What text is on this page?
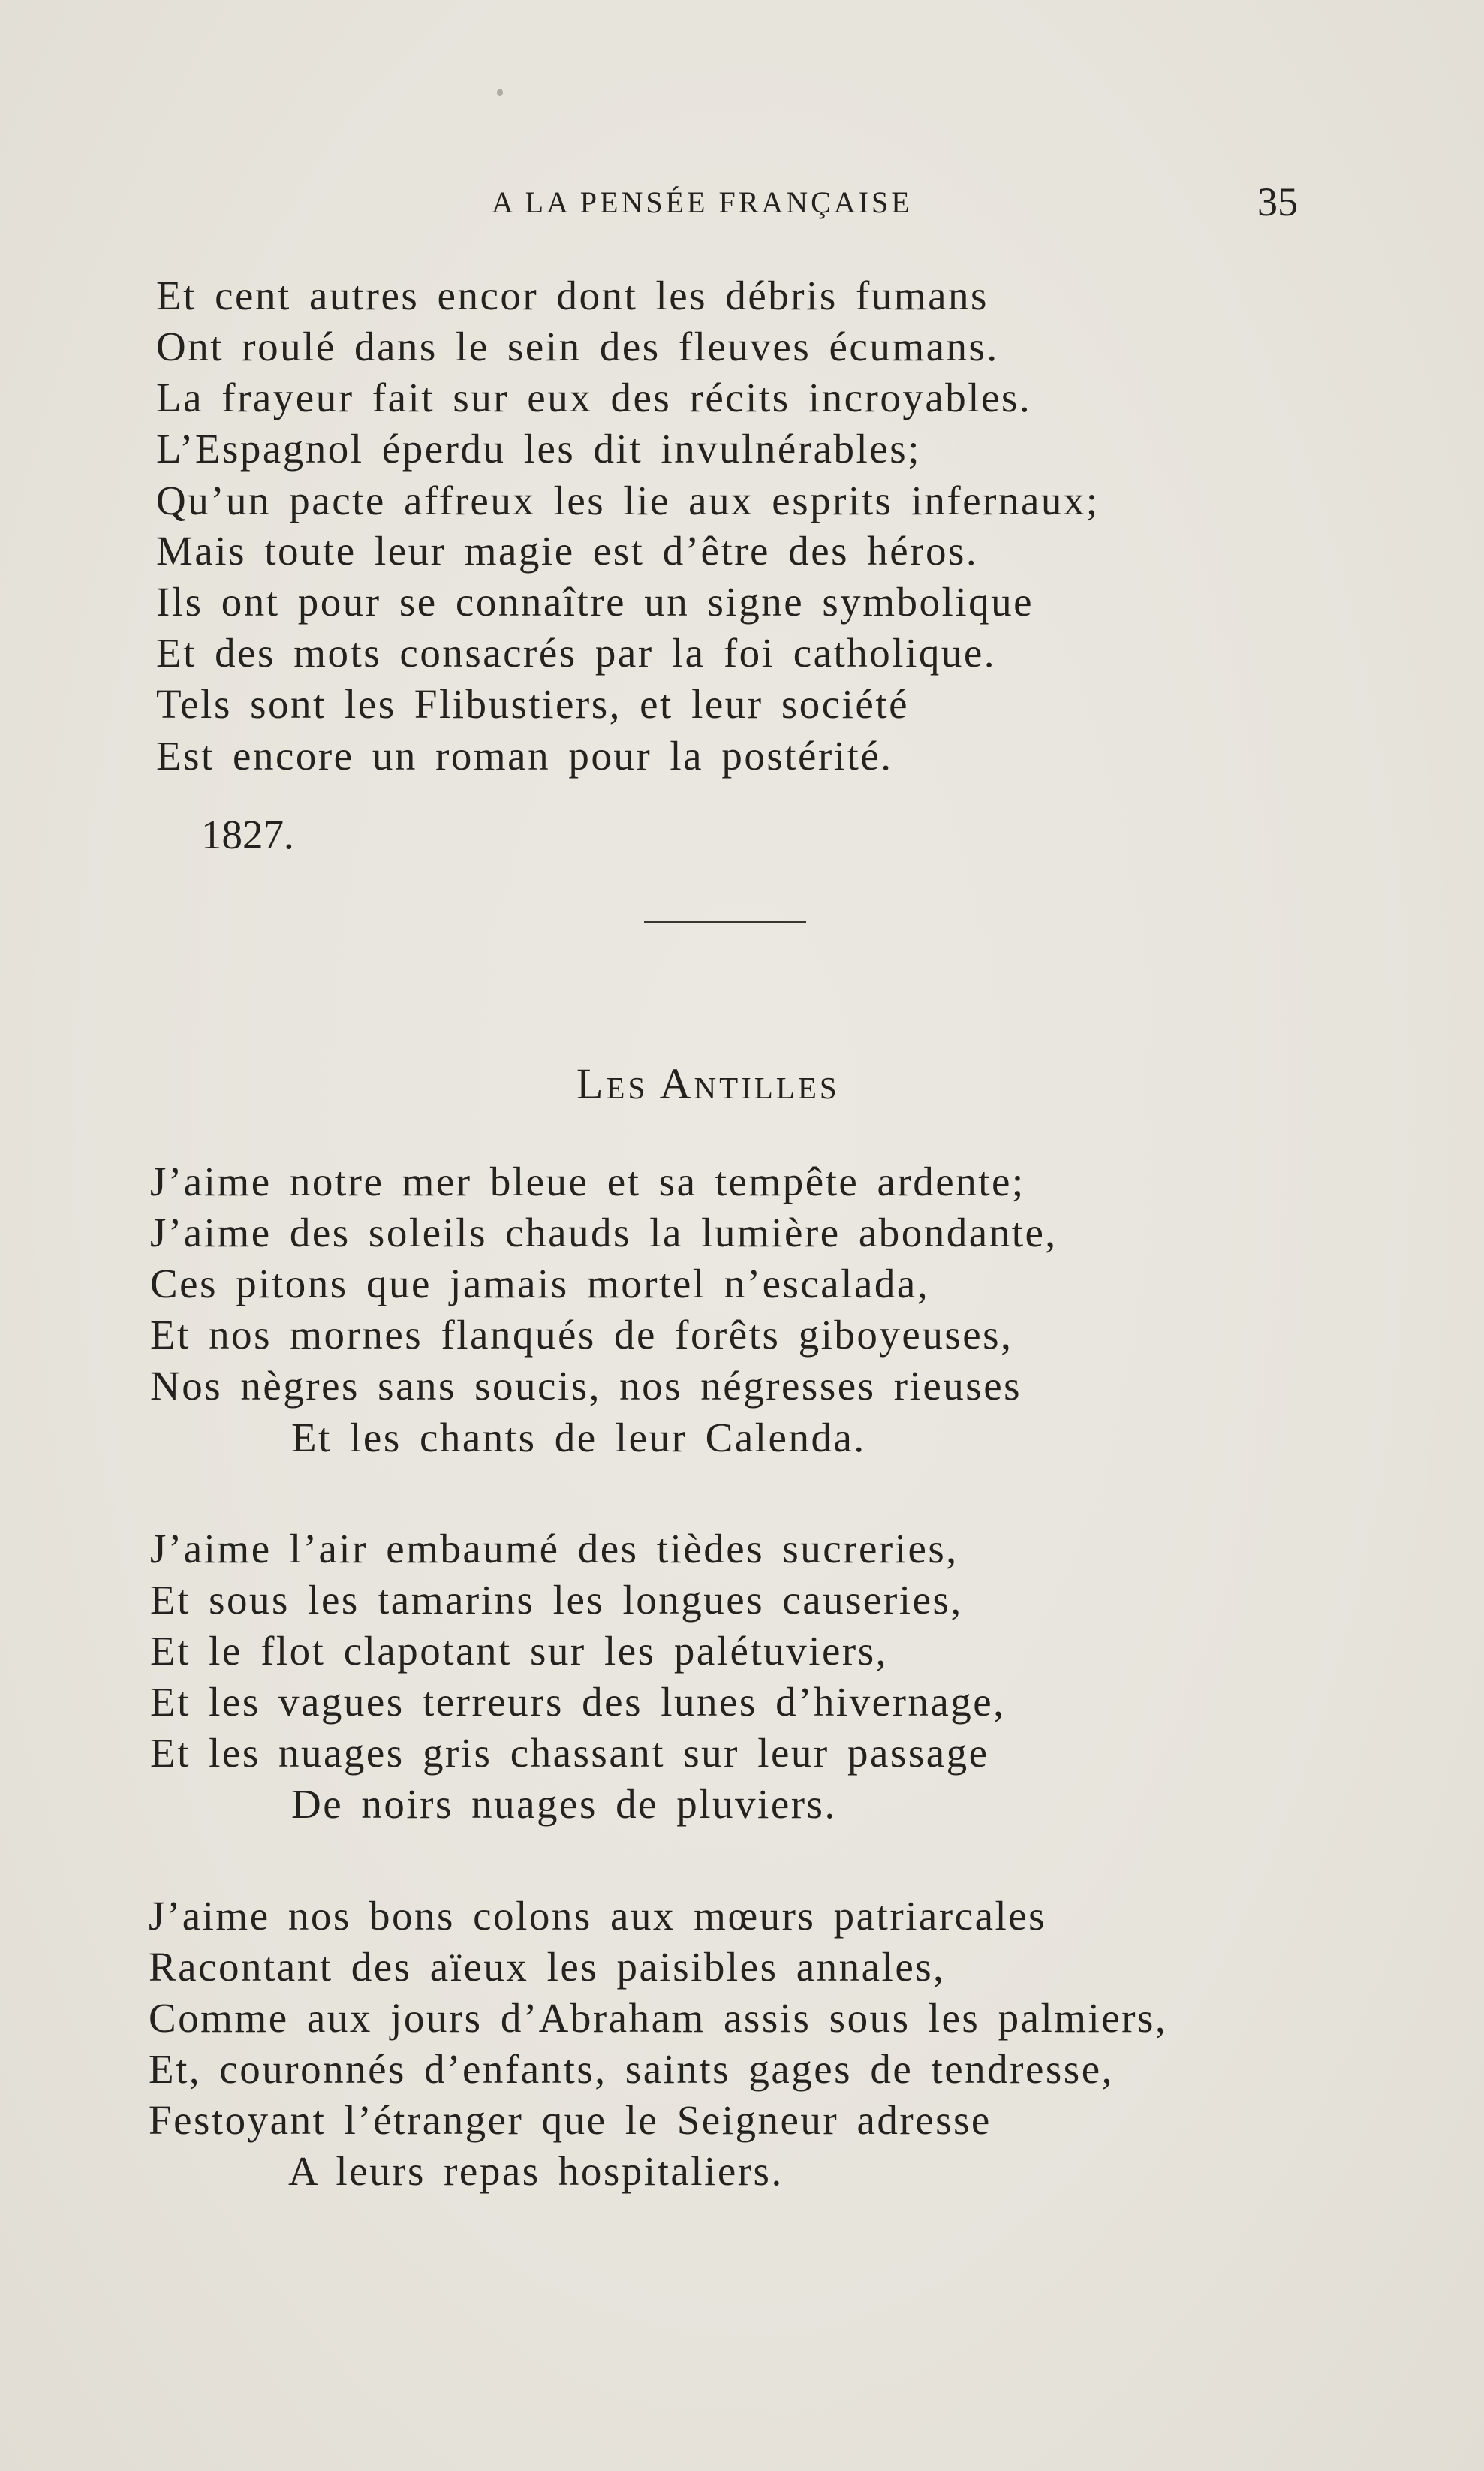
A LA PENSÉE FRANÇAISE	35
Et cent autres encor dont les débris fumans
Ont roulé dans le sein des fleuves écumans.
La frayeur fait sur eux des récits incroyables.
L’Espagnol éperdu les dit invulnérables;
Qu’un pacte affreux les lie aux esprits infernaux;
Mais toute leur magie est d’être des héros.
Ils ont pour se connaître un signe symbolique
Et des mots consacrés par la foi catholique.
Tels sont les Flibustiers, et leur société
Est encore un roman pour la postérité.
1827.
Les Antilles
J’aime notre mer bleue et sa tempête ardente;
J’aime des soleils chauds la lumière abondante,
Ces pitons que jamais mortel n’escalada,
Et nos mornes flanqués de forêts giboyeuses,
Nos nègres sans soucis, nos négresses rieuses
Et les chants de leur Calenda.
J’aime l’air embaumé des tièdes sucreries,
Et sous les tamarins les longues causeries,
Et le flot clapotant sur les palétuviers,
Et les vagues terreurs des lunes d’hivernage,
Et les nuages gris chassant sur leur passage
De noirs nuages de pluviers.
J’aime nos bons colons aux mœurs patriarcales
Racontant des aïeux les paisibles annales,
Comme aux jours d’Abraham assis sous les palmiers,
Et, couronnés d’enfants, saints gages de tendresse,
Festoyant l’étranger que le Seigneur adresse
A leurs repas hospitaliers.
